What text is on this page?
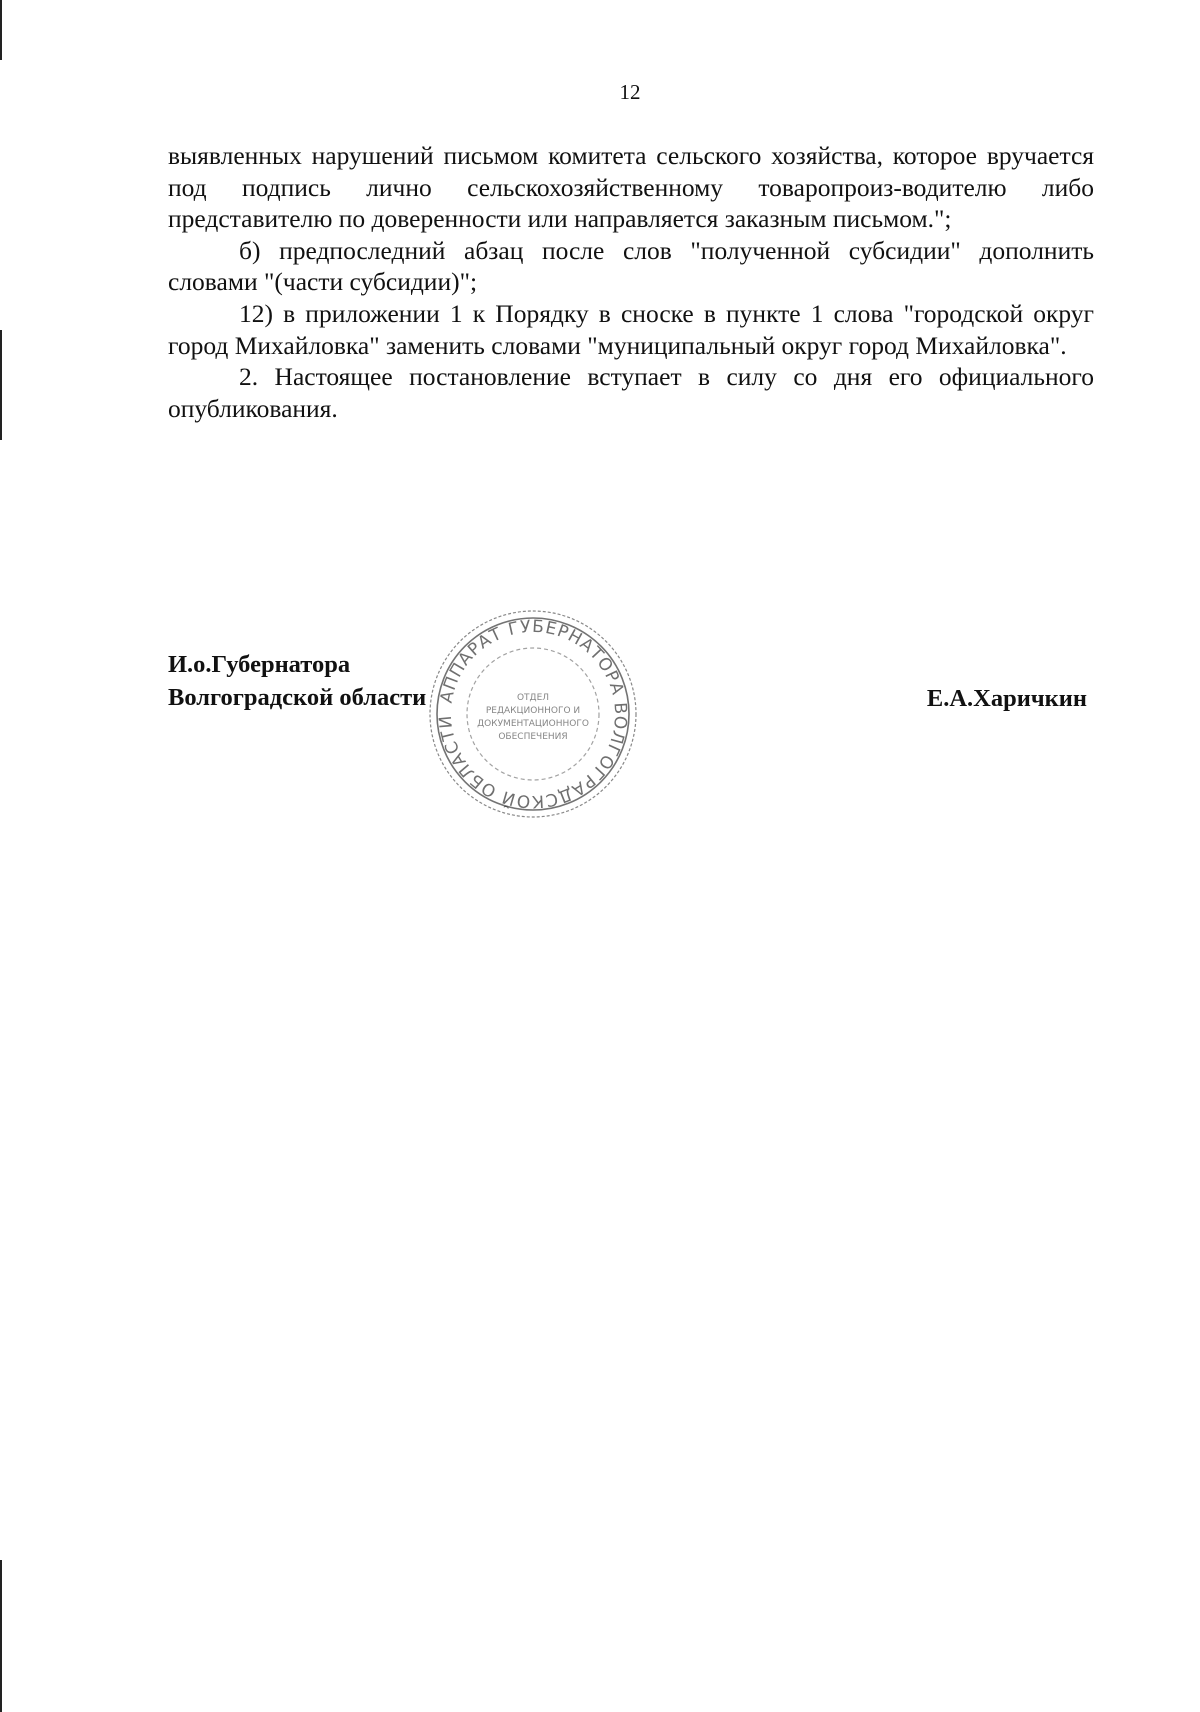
12

выявленных нарушений письмом комитета сельского хозяйства, которое вручается под подпись лично сельскохозяйственному товаропроиз-водителю либо представителю по доверенности или направляется заказным письмом.";

б) предпоследний абзац после слов "полученной субсидии" дополнить словами "(части субсидии)";

12) в приложении 1 к Порядку в сноске в пункте 1 слова "городской округ город Михайловка" заменить словами "муниципальный округ город Михайловка".

2. Настоящее постановление вступает в силу со дня его официального опубликования.

И.о.Губернатора
Волгоградской области	Е.А.Харичкин
АППАРАТ ГУБЕРНАТОРА ВОЛГОГРАДСКОЙ ОБЛАСТИ
ОТДЕЛ
РЕДАКЦИОННОГО И
ДОКУМЕНТАЦИОННОГО
ОБЕСПЕЧЕНИЯ
